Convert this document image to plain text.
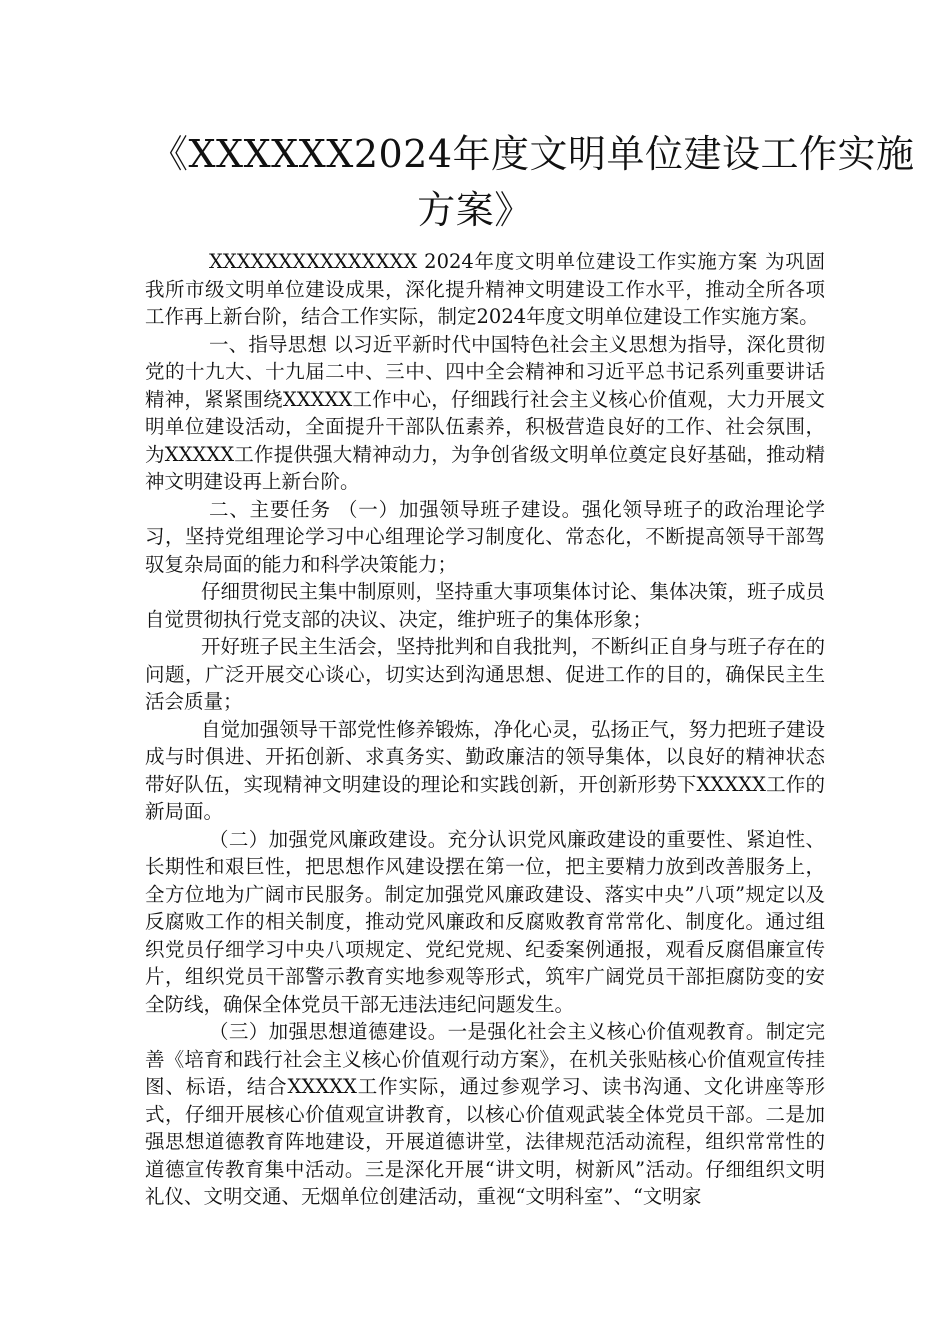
《XXXXXX2024年度文明单位建设工作实施
方案》

XXXXXXXXXXXXXXX 2024年度文明单位建设工作实施方案 为巩固我所市级文明单位建设成果，深化提升精神文明建设工作水平，推动全所各项工作再上新台阶，结合工作实际，制定2024年度文明单位建设工作实施方案。

一、指导思想 以习近平新时代中国特色社会主义思想为指导，深化贯彻党的十九大、十九届二中、三中、四中全会精神和习近平总书记系列重要讲话精神，紧紧围绕XXXXX工作中心，仔细践行社会主义核心价值观，大力开展文明单位建设活动，全面提升干部队伍素养，积极营造良好的工作、社会氛围，为XXXXX工作提供强大精神动力，为争创省级文明单位奠定良好基础，推动精神文明建设再上新台阶。

二、主要任务 （一）加强领导班子建设。强化领导班子的政治理论学习，坚持党组理论学习中心组理论学习制度化、常态化，不断提高领导干部驾驭复杂局面的能力和科学决策能力；

仔细贯彻民主集中制原则，坚持重大事项集体讨论、集体决策，班子成员自觉贯彻执行党支部的决议、决定，维护班子的集体形象；

开好班子民主生活会，坚持批判和自我批判，不断纠正自身与班子存在的问题，广泛开展交心谈心，切实达到沟通思想、促进工作的目的，确保民主生活会质量；

自觉加强领导干部党性修养锻炼，净化心灵，弘扬正气，努力把班子建设成与时俱进、开拓创新、求真务实、勤政廉洁的领导集体，以良好的精神状态带好队伍，实现精神文明建设的理论和实践创新，开创新形势下XXXXX工作的新局面。

（二）加强党风廉政建设。充分认识党风廉政建设的重要性、紧迫性、长期性和艰巨性，把思想作风建设摆在第一位，把主要精力放到改善服务上，全方位地为广阔市民服务。制定加强党风廉政建设、落实中央”八项”规定以及反腐败工作的相关制度，推动党风廉政和反腐败教育常常化、制度化。通过组织党员仔细学习中央八项规定、党纪党规、纪委案例通报，观看反腐倡廉宣传片，组织党员干部警示教育实地参观等形式，筑牢广阔党员干部拒腐防变的安全防线，确保全体党员干部无违法违纪问题发生。

（三）加强思想道德建设。一是强化社会主义核心价值观教育。制定完善《培育和践行社会主义核心价值观行动方案》，在机关张贴核心价值观宣传挂图、标语，结合XXXXX工作实际，通过参观学习、读书沟通、文化讲座等形式，仔细开展核心价值观宣讲教育，以核心价值观武装全体党员干部。二是加强思想道德教育阵地建设，开展道德讲堂，法律规范活动流程，组织常常性的道德宣传教育集中活动。三是深化开展“讲文明，树新风”活动。仔细组织文明礼仪、文明交通、无烟单位创建活动，重视“文明科室”、“文明家
